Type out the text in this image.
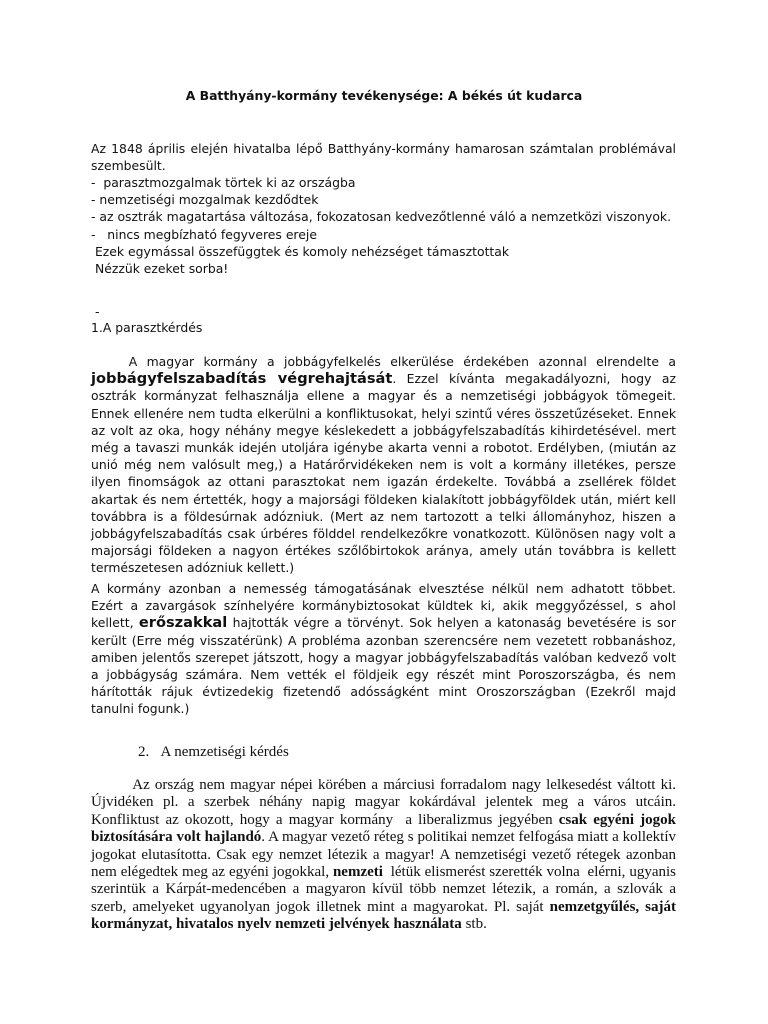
A Batthyány-kormány tevékenysége: A békés út kudarca
Az 1848 április elején hivatalba lépő Batthyány-kormány hamarosan számtalan problémával szembesült.
-  parasztmozgalmak törtek ki az országba
- nemzetiségi mozgalmak kezdődtek
- az osztrák magatartása változása, fokozatosan kedvezőtlenné váló a nemzetközi viszonyok.
-   nincs megbízható fegyveres ereje
Ezek egymással összefüggtek és komoly nehézséget támasztottak
Nézzük ezeket sorba!
-
1.A parasztkérdés
A magyar kormány a jobbágyfelkelés elkerülése érdekében azonnal elrendelte a jobbágyfelszabadítás végrehajtását. Ezzel kívánta megakadályozni, hogy az osztrák kormányzat felhasználja ellene a magyar és a nemzetiségi jobbágyok tömegeit. Ennek ellenére nem tudta elkerülni a konfliktusokat, helyi szintű véres összetűzéseket. Ennek az volt az oka, hogy néhány megye késlekedett a jobbágyfelszabadítás kihirdetésével. mert még a tavaszi munkák idején utoljára igénybe akarta venni a robotot. Erdélyben, (miután az unió még nem valósult meg,) a Határőrvidékeken nem is volt a kormány illetékes, persze ilyen finomságok az ottani parasztokat nem igazán érdekelte. Továbbá a zsellérek földet akartak és nem értették, hogy a majorsági földeken kialakított jobbágyföldek után, miért kell továbbra is a földesúrnak adózniuk. (Mert az nem tartozott a telki állományhoz, hiszen a jobbágyfelszabadítás csak úrbéres földdel rendelkezőkre vonatkozott. Különösen nagy volt a majorsági földeken a nagyon értékes szőlőbirtokok aránya, amely után továbbra is kellett természetesen adózniuk kellett.)
A kormány azonban a nemesség támogatásának elvesztése nélkül nem adhatott többet. Ezért a zavargások színhelyére kormánybiztosokat küldtek ki, akik meggyőzéssel, s ahol kellett, erőszakkal hajtották végre a törvényt. Sok helyen a katonaság bevetésére is sor került (Erre még visszatérünk) A probléma azonban szerencsére nem vezetett robbanáshoz, amiben jelentős szerepet játszott, hogy a magyar jobbágyfelszabadítás valóban kedvező volt a jobbágyság számára. Nem vették el földjeik egy részét mint Poroszországba, és nem hárították rájuk évtizedekig fizetendő adósságként mint Oroszországban (Ezekről majd tanulni fogunk.)
2. A nemzetiségi kérdés
Az ország nem magyar népei körében a márciusi forradalom nagy lelkesedést váltott ki. Újvidéken pl. a szerbek néhány napig magyar kokárdával jelentek meg a város utcáin. Konfliktust az okozott, hogy a magyar kormány  a liberalizmus jegyében csak egyéni jogok biztosítására volt hajlandó. A magyar vezető réteg s politikai nemzet felfogása miatt a kollektív jogokat elutasította. Csak egy nemzet létezik a magyar! A nemzetiségi vezető rétegek azonban nem elégedtek meg az egyéni jogokkal, nemzeti  létük elismerést szerették volna  elérni, ugyanis szerintük a Kárpát-medencében a magyaron kívül több nemzet létezik, a román, a szlovák a szerb, amelyeket ugyanolyan jogok illetnek mint a magyarokat. Pl. saját nemzetgyűlés, saját kormányzat, hivatalos nyelv nemzeti jelvények használata stb.
